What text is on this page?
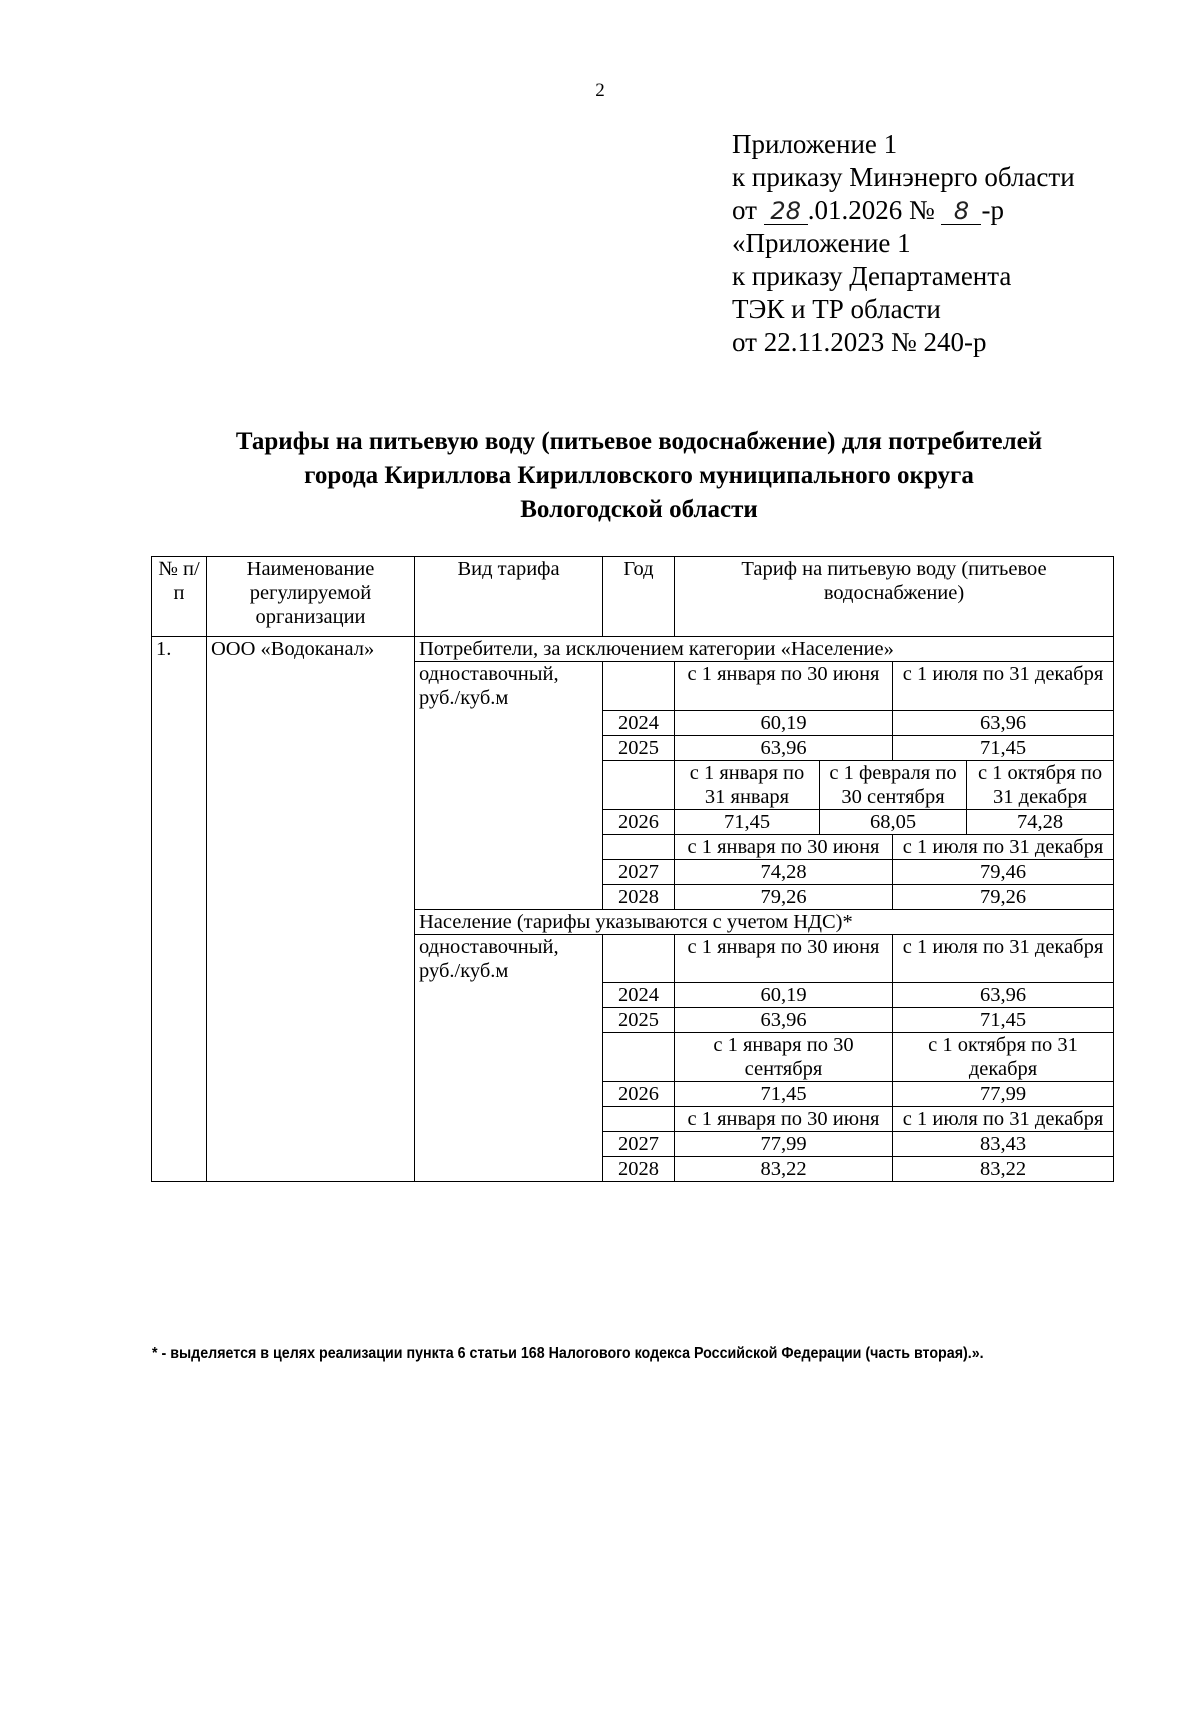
2
Приложение 1
к приказу Минэнерго области
от 28 .01.2026 № 8 -р
«Приложение 1
к приказу Департамента
ТЭК и ТР области
от 22.11.2023 № 240-р
Тарифы на питьевую воду (питьевое водоснабжение) для потребителей
города Кириллова Кирилловского муниципального округа
Вологодской области
№ п/п	Наименование регулируемой организации	Вид тарифа	Год	Тариф на питьевую воду (питьевое водоснабжение)			
1.	ООО «Водоканал»	Потребители, за исключением категории «Население»					
		одноставочный, руб./куб.м		с 1 января по 30 июня		с 1 июля по 31 декабря	
			2024	60,19		63,96	
			2025	63,96		71,45	
				с 1 января по 31 января	с 1 февраля по 30 сентября		с 1 октября по 31 декабря
			2026	71,45	68,05		74,28
				с 1 января по 30 июня		с 1 июля по 31 декабря	
			2027	74,28		79,46	
			2028	79,26		79,26	
		Население (тарифы указываются с учетом НДС)*					
		одноставочный, руб./куб.м		с 1 января по 30 июня		с 1 июля по 31 декабря	
			2024	60,19		63,96	
			2025	63,96		71,45	
				с 1 января по 30 сентября		с 1 октября по 31 декабря	
			2026	71,45		77,99	
				с 1 января по 30 июня		с 1 июля по 31 декабря	
			2027	77,99		83,43	
			2028	83,22		83,22	
* - выделяется в целях реализации пункта 6 статьи 168 Налогового кодекса Российской Федерации (часть вторая).».
